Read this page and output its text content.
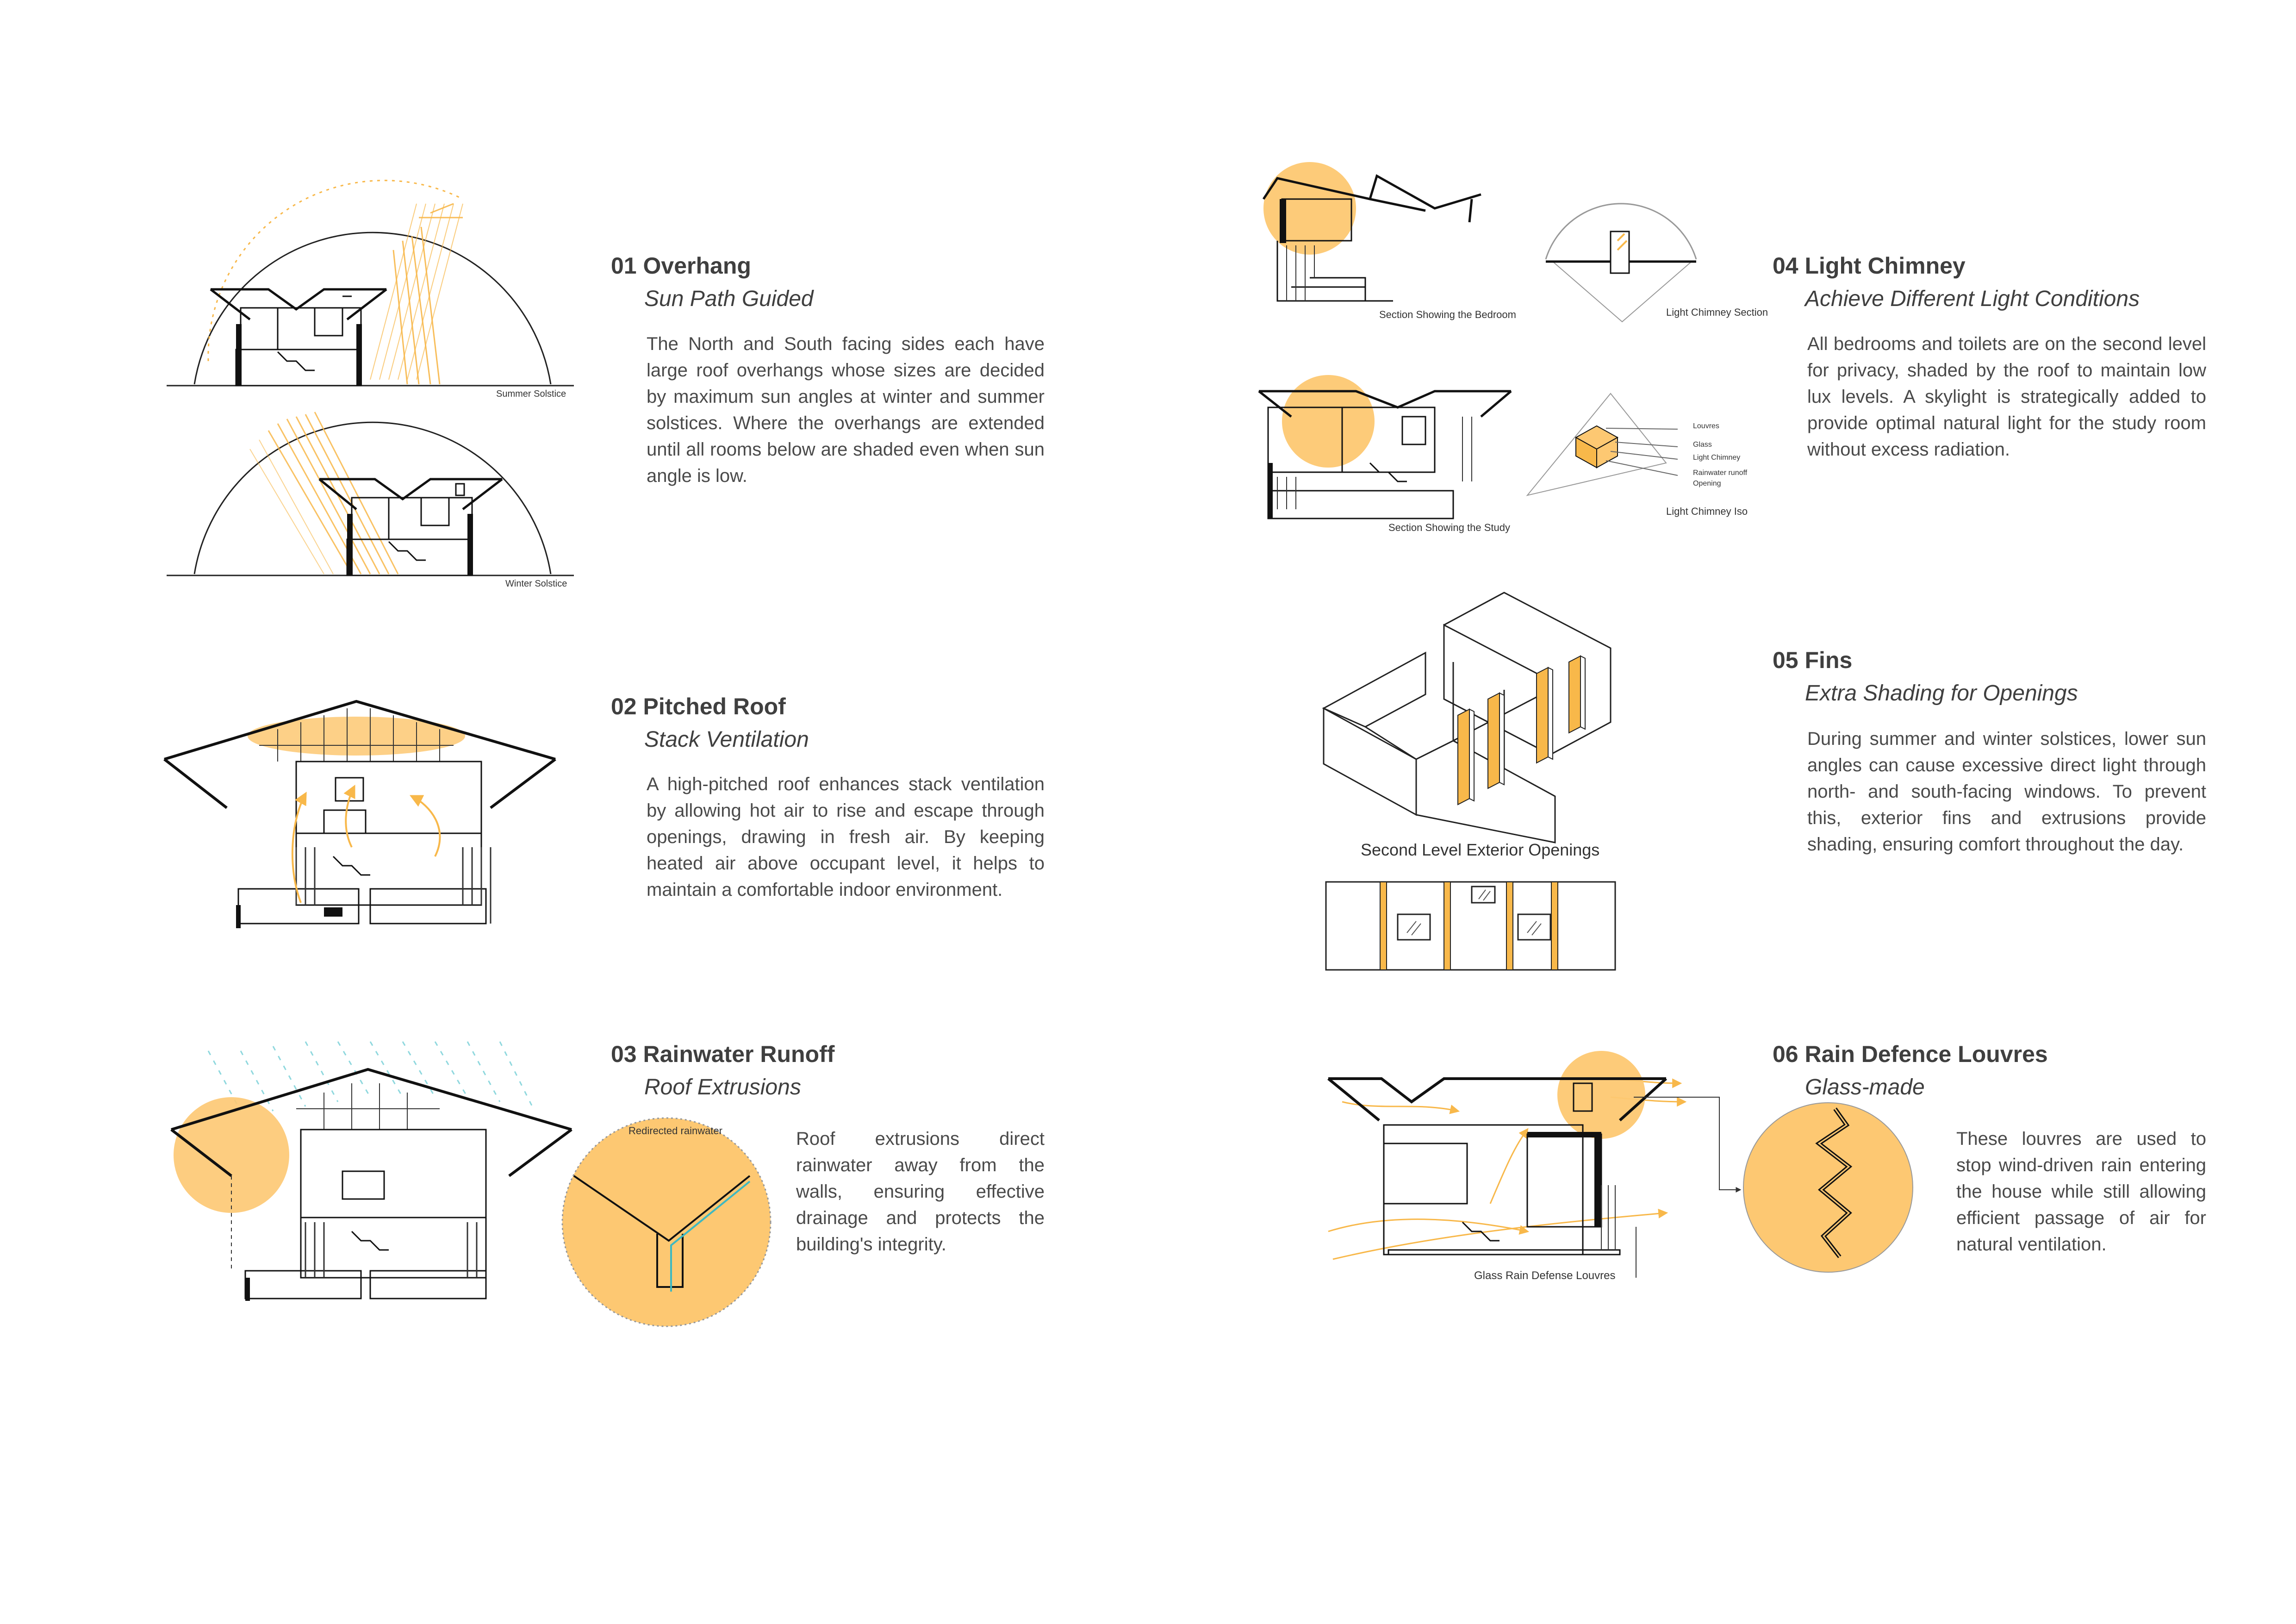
01 Overhang

Sun Path Guided

The North and South facing sides each have large roof overhangs whose sizes are decided by maximum sun angles at winter and summer solstices. Where the overhangs are extended until all rooms below are shaded even when sun angle is low.

02 Pitched Roof

Stack Ventilation

A high-pitched roof enhances stack ventilation by allowing hot air to rise and escape through openings, drawing in fresh air. By keeping heated air above occupant level, it helps to maintain a comfortable indoor environment.

03 Rainwater Runoff

Roof Extrusions

Roof extrusions direct rainwater away from the walls, ensuring effective drainage and protects the building's integrity.

04 Light Chimney

Achieve Different Light Conditions

All bedrooms and toilets are on the second level for privacy, shaded by the roof to maintain low lux levels. A skylight is strategically added to provide optimal natural light for the study room without excess radiation.

05 Fins

Extra Shading for Openings

During summer and winter solstices, lower sun angles can cause excessive direct light through north- and south-facing windows. To prevent this, exterior fins and extrusions provide shading, ensuring comfort throughout the day.

06 Rain Defence Louvres

Glass-made

These louvres are used to stop wind-driven rain entering the house while still allowing efficient passage of air for natural ventilation.

Summer Solstice
Winter Solstice
Redirected rainwater
Section Showing the Bedroom	Light Chimney Section
Section Showing the Study
Light Chimney Iso
Louvres
Glass
Light Chimney
Rainwater runoff
Opening
Second Level Exterior Openings
Glass Rain Defense Louvres
